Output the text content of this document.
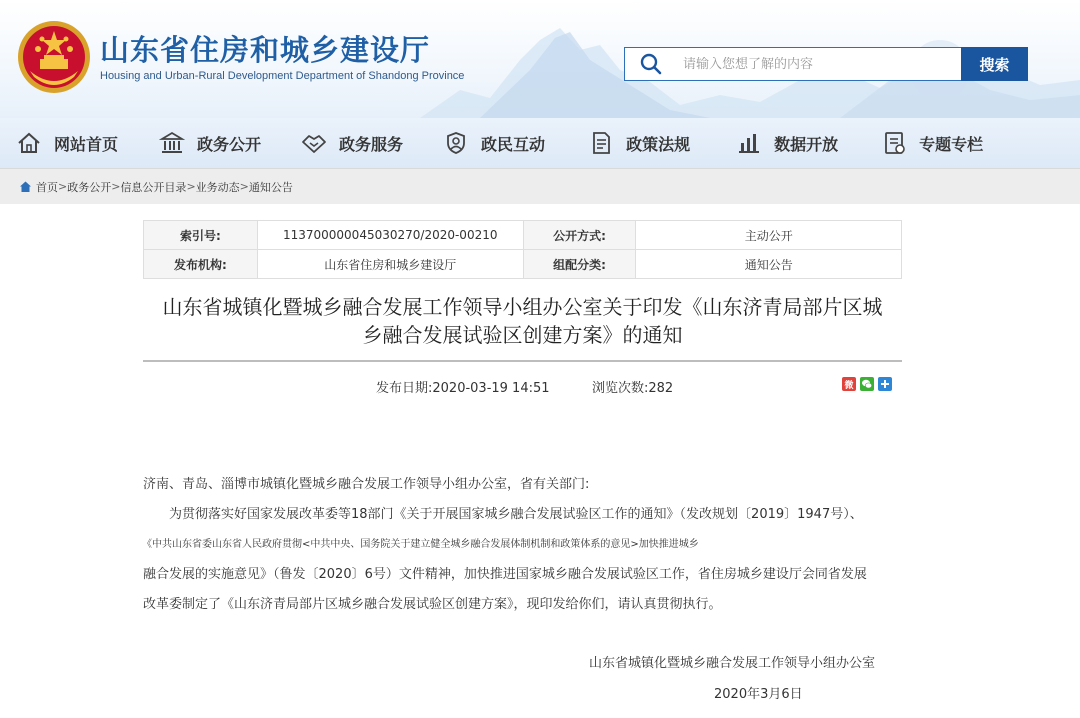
山东省住房和城乡建设厅
Housing and Urban-Rural Development Department of Shandong Province
请输入您想了解的内容
搜索
网站首页	政务公开	政务服务	政民互动	政策法规	数据开放	专题专栏
首页 > 政务公开 > 信息公开目录 > 业务动态 > 通知公告
索引号:	113700000045030270/2020-00210	公开方式:	主动公开
发布机构:	山东省住房和城乡建设厅	组配分类:	通知公告
山东省城镇化暨城乡融合发展工作领导小组办公室关于印发《山东济青局部片区城
乡融合发展试验区创建方案》的通知
发布日期:2020-03-19 14:51	浏览次数:282	微
济南、青岛、淄博市城镇化暨城乡融合发展工作领导小组办公室，省有关部门:
为贯彻落实好国家发展改革委等18部门《关于开展国家城乡融合发展试验区工作的通知》（发改规划〔2019〕1947号）、
《中共山东省委山东省人民政府贯彻<中共中央、国务院关于建立健全城乡融合发展体制机制和政策体系的意见>加快推进城乡
融合发展的实施意见》（鲁发〔2020〕6号）文件精神，加快推进国家城乡融合发展试验区工作，省住房城乡建设厅会同省发展
改革委制定了《山东济青局部片区城乡融合发展试验区创建方案》，现印发给你们，请认真贯彻执行。
山东省城镇化暨城乡融合发展工作领导小组办公室
2020年3月6日
